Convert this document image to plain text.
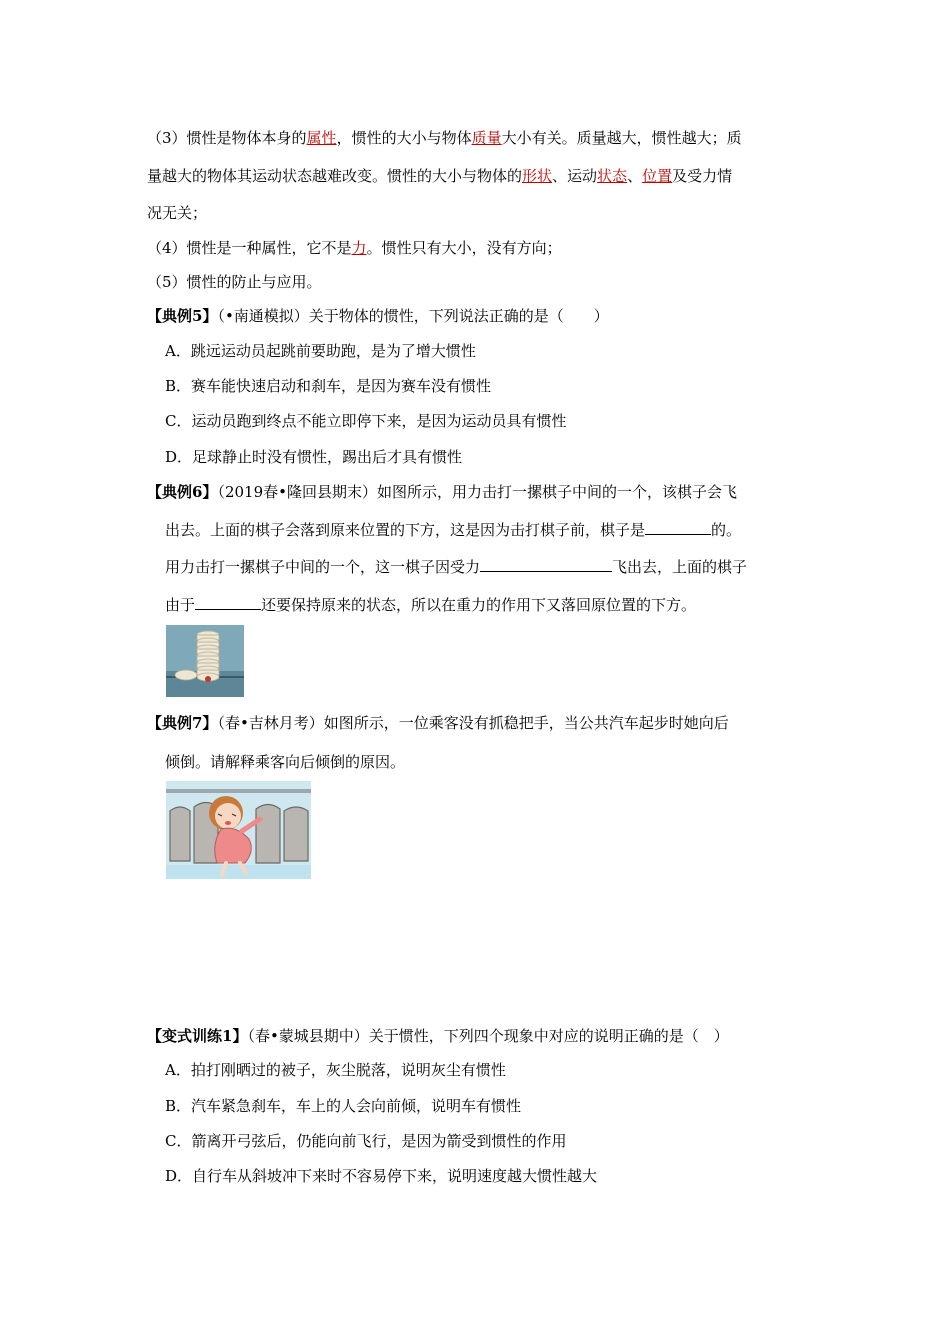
（3）惯性是物体本身的属性，惯性的大小与物体质量大小有关。质量越大，惯性越大；质
量越大的物体其运动状态越难改变。惯性的大小与物体的形状、运动状态、位置及受力情
况无关；
（4）惯性是一种属性，它不是力。惯性只有大小，没有方向；
（5）惯性的防止与应用。
【典例5】（•南通模拟）关于物体的惯性，下列说法正确的是（　　）
A．跳远运动员起跳前要助跑，是为了增大惯性
B．赛车能快速启动和刹车，是因为赛车没有惯性
C．运动员跑到终点不能立即停下来，是因为运动员具有惯性
D．足球静止时没有惯性，踢出后才具有惯性
【典例6】（2019春•隆回县期末）如图所示，用力击打一摞棋子中间的一个，该棋子会飞
出去。上面的棋子会落到原来位置的下方，这是因为击打棋子前，棋子是	的。
用力击打一摞棋子中间的一个，这一棋子因受力	飞出去，上面的棋子
由于	还要保持原来的状态，所以在重力的作用下又落回原位置的下方。
【典例7】（春•吉林月考）如图所示，一位乘客没有抓稳把手，当公共汽车起步时她向后
倾倒。请解释乘客向后倾倒的原因。
【变式训练1】（春•蒙城县期中）关于惯性，下列四个现象中对应的说明正确的是（　）
A．拍打刚晒过的被子，灰尘脱落，说明灰尘有惯性
B．汽车紧急刹车，车上的人会向前倾，说明车有惯性
C．箭离开弓弦后，仍能向前飞行，是因为箭受到惯性的作用
D．自行车从斜坡冲下来时不容易停下来，说明速度越大惯性越大
